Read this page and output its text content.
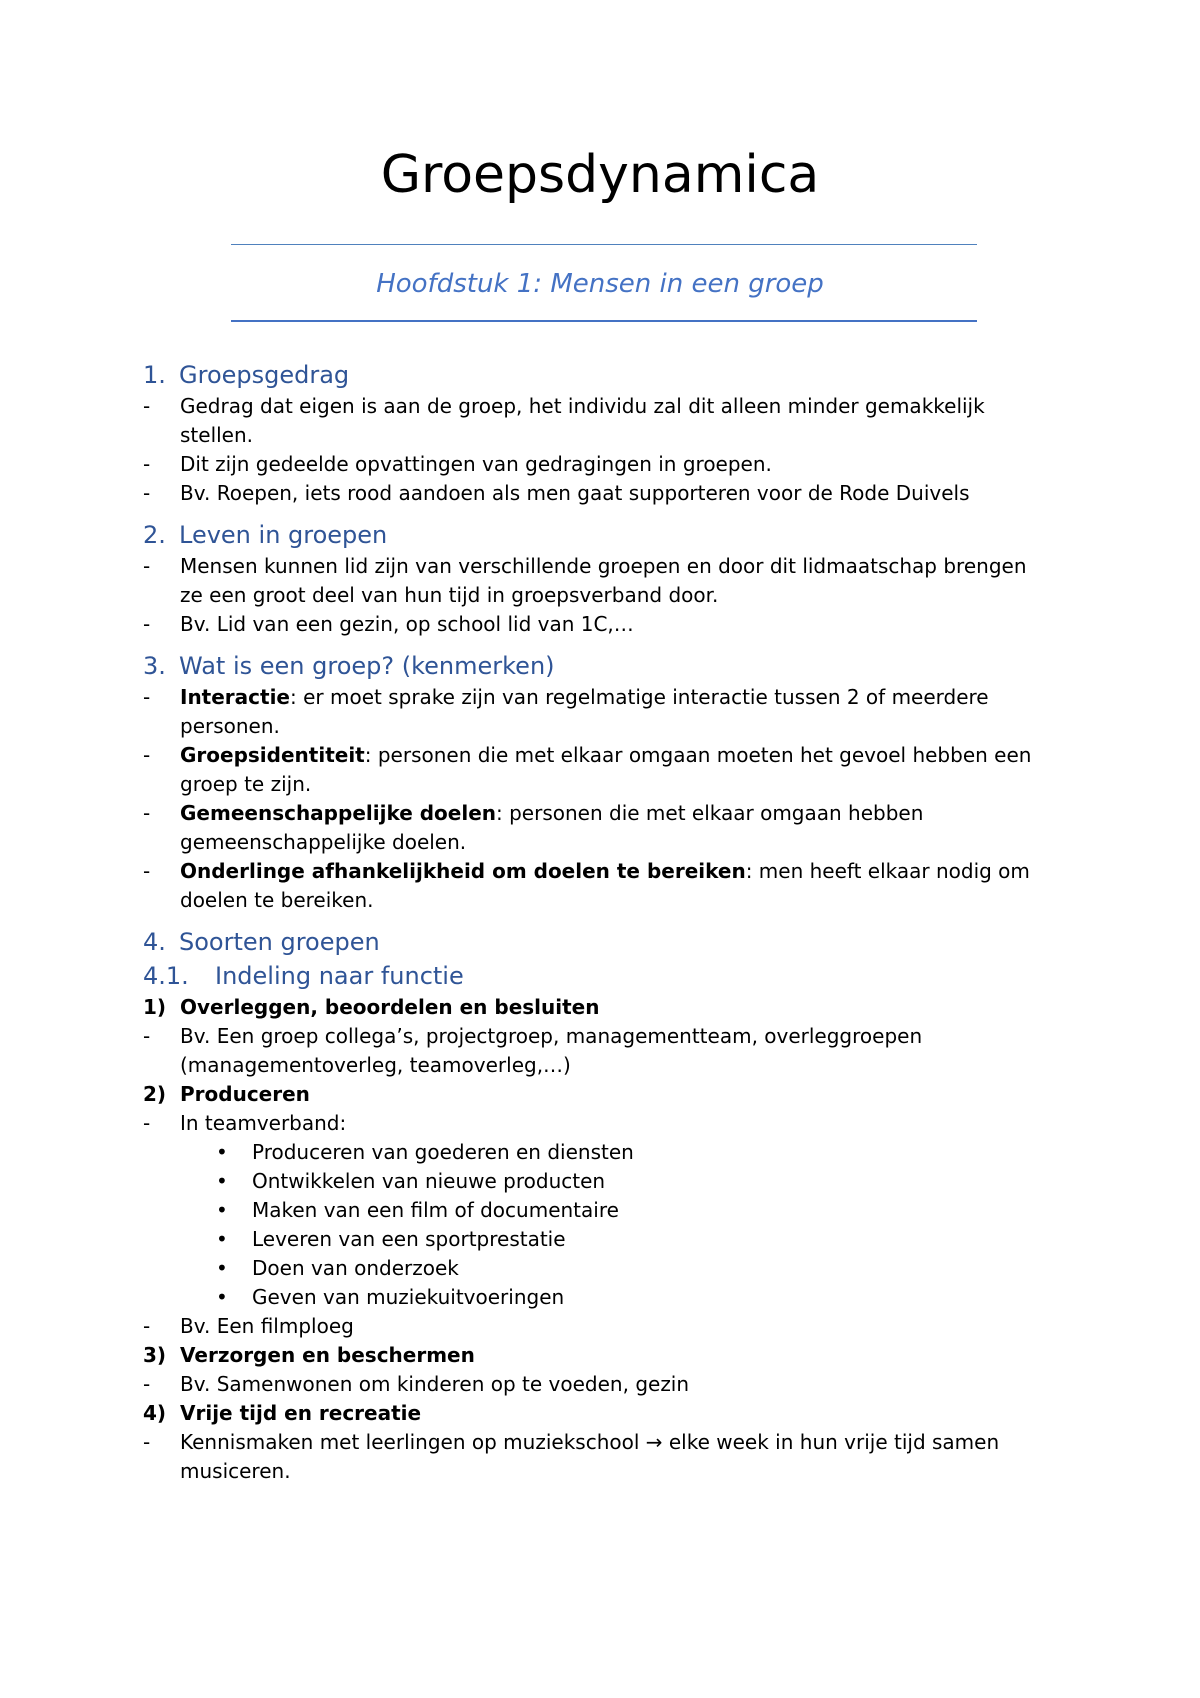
Groepsdynamica
Hoofdstuk 1: Mensen in een groep
1. Groepsgedrag
-	Gedrag dat eigen is aan de groep, het individu zal dit alleen minder gemakkelijk stellen.
-	Dit zijn gedeelde opvattingen van gedragingen in groepen.
-	Bv. Roepen, iets rood aandoen als men gaat supporteren voor de Rode Duivels
2. Leven in groepen
-	Mensen kunnen lid zijn van verschillende groepen en door dit lidmaatschap brengen ze een groot deel van hun tijd in groepsverband door.
-	Bv. Lid van een gezin, op school lid van 1C,…
3. Wat is een groep? (kenmerken)
-	Interactie: er moet sprake zijn van regelmatige interactie tussen 2 of meerdere personen.
-	Groepsidentiteit: personen die met elkaar omgaan moeten het gevoel hebben een groep te zijn.
-	Gemeenschappelijke doelen: personen die met elkaar omgaan hebben gemeenschappelijke doelen.
-	Onderlinge afhankelijkheid om doelen te bereiken: men heeft elkaar nodig om doelen te bereiken.
4. Soorten groepen
4.1.	Indeling naar functie
1) Overleggen, beoordelen en besluiten
-	Bv. Een groep collega’s, projectgroep, managementteam, overleggroepen (managementoverleg, teamoverleg,…)
2) Produceren
-	In teamverband:
•	Produceren van goederen en diensten
•	Ontwikkelen van nieuwe producten
•	Maken van een film of documentaire
•	Leveren van een sportprestatie
•	Doen van onderzoek
•	Geven van muziekuitvoeringen
-	Bv. Een filmploeg
3) Verzorgen en beschermen
-	Bv. Samenwonen om kinderen op te voeden, gezin
4) Vrije tijd en recreatie
-	Kennismaken met leerlingen op muziekschool → elke week in hun vrije tijd samen musiceren.
